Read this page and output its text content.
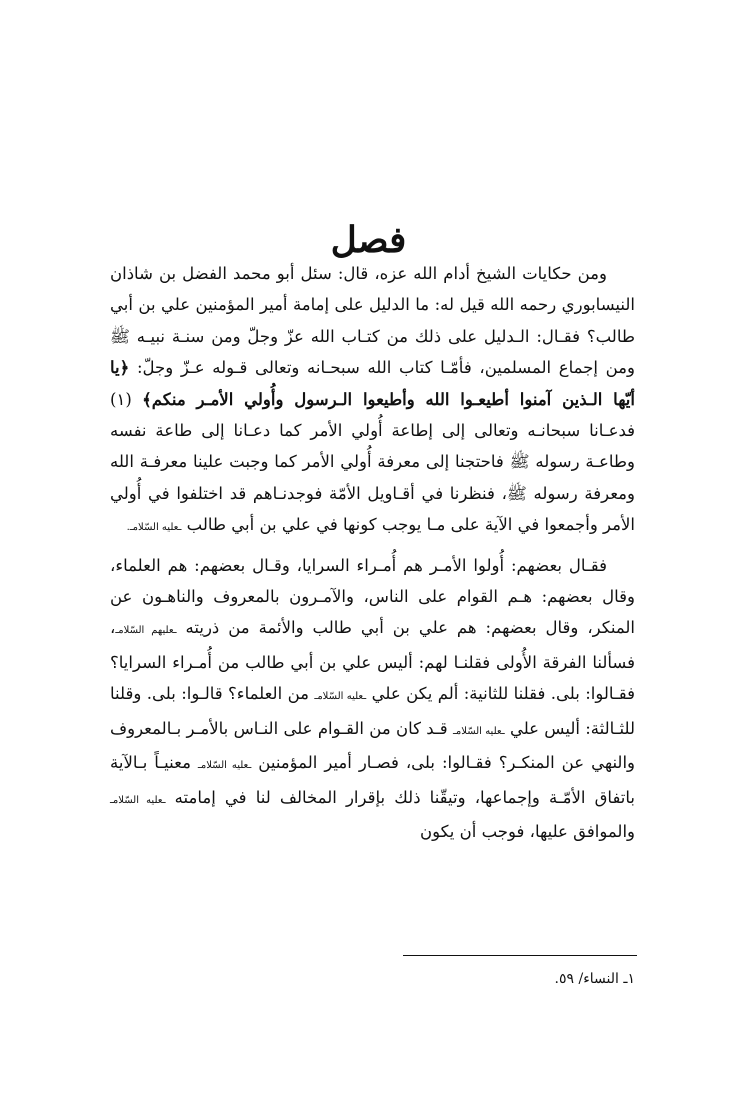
فصل

ومن حكايات الشيخ أدام الله عزه، قال: سئل أبو محمد الفضل بن شاذان النيسابوري رحمه الله قيل له: ما الدليل على إمامة أمير المؤمنين علي بن أبي طالب؟ فقـال: الـدليل على ذلك من كتـاب الله عزّ وجلّ ومن سنـة نبيـه ﷺ ومن إجماع المسلمين، فأمّـا كتاب الله سبحـانه وتعالى قـوله عـزّ وجلّ: ﴿يا أيّها الـذين آمنوا أطيعـوا الله وأطيعوا الـرسول وأُولي الأمـر منكم﴾ (١) فدعـانا سبحانـه وتعالى إلى إطاعة أُولي الأمر كما دعـانا إلى طاعة نفسه وطاعـة رسوله ﷺ فاحتجنا إلى معرفة أُولي الأمر كما وجبت علينا معرفـة الله ومعرفة رسوله ﷺ، فنظرنا في أقـاويل الأمّة فوجدنـاهم قد اختلفوا في أُولي الأمر وأجمعوا في الآية على مـا يوجب كونها في علي بن أبي طالب ـعليه السّلامـ.

فقـال بعضهم: أُولوا الأمـر هم أُمـراء السرايا، وقـال بعضهم: هم العلماء، وقال بعضهم: هـم القوام على الناس، والآمـرون بالمعروف والناهـون عن المنكر، وقال بعضهم: هم علي بن أبي طالب والأئمة من ذريته ـعليهم السّلامـ، فسألنا الفرقة الأُولى فقلنـا لهم: أليس علي بن أبي طالب من أُمـراء السرايا؟ فقـالوا: بلى. فقلنا للثانية: ألم يكن علي ـعليه السّلامـ من العلماء؟ قالـوا: بلى. وقلنا للثـالثة: أليس علي ـعليه السّلامـ قـد كان من القـوام على النـاس بالأمـر بـالمعروف والنهي عن المنكـر؟ فقـالوا: بلى، فصـار أمير المؤمنين ـعليه السّلامـ معنيـاً بـالآية باتفاق الأمّـة وإجماعها، وتيقّنا ذلك بإقرار المخالف لنا في إمامته ـعليه السّلامـ والموافق عليها، فوجب أن يكون

١ـ النساء/ ٥٩.
